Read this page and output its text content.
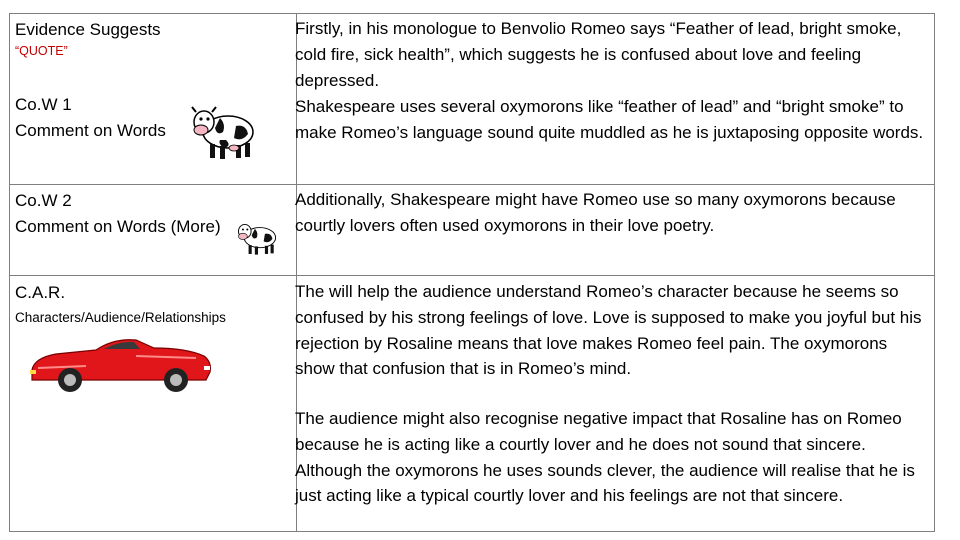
Evidence Suggests
“QUOTE”
Co.W 1
Comment on Words
Co.W 2
Comment on Words (More)
C.A.R.
Characters/Audience/Relationships
Firstly, in his monologue to Benvolio Romeo says “Feather of lead, bright smoke, cold fire, sick health”, which suggests he is confused about love and feeling depressed.
Shakespeare uses several oxymorons like “feather of lead” and “bright smoke” to make Romeo’s language sound quite muddled as he is juxtaposing opposite words.
Additionally, Shakespeare might have Romeo use so many oxymorons because courtly lovers often used oxymorons in their love poetry.
The will help the audience understand Romeo’s character because he seems so confused by his strong feelings of love. Love is supposed to make you joyful but his rejection by Rosaline means that love makes Romeo feel pain. The oxymorons show that confusion that is in Romeo’s mind.
The audience might also recognise negative impact that Rosaline has on Romeo because he is acting like a courtly lover and he does not sound that sincere. Although the oxymorons he uses sounds clever, the audience will realise that he is just acting like a typical courtly lover and his feelings are not that sincere.
